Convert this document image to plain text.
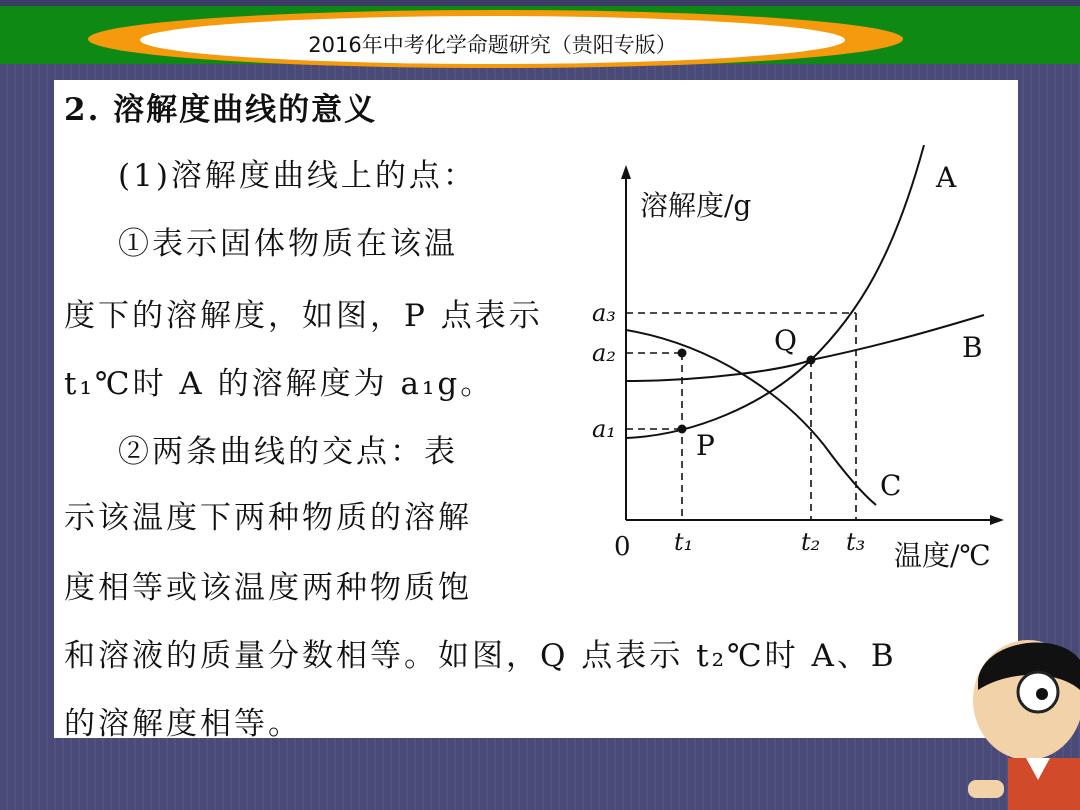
2016年中考化学命题研究（贵阳专版）
2. 溶解度曲线的意义
(1)溶解度曲线上的点：
①表示固体物质在该温
度下的溶解度，如图，P 点表示
t₁℃时 A 的溶解度为 a₁g。
②两条曲线的交点：表
示该温度下两种物质的溶解
度相等或该温度两种物质饱
和溶液的质量分数相等。如图，Q 点表示 t₂℃时 A、B
的溶解度相等。
溶解度/g
温度/℃
0
A
B
C
P
Q
a₃
a₂
a₁
t₁	t₂ t₃
